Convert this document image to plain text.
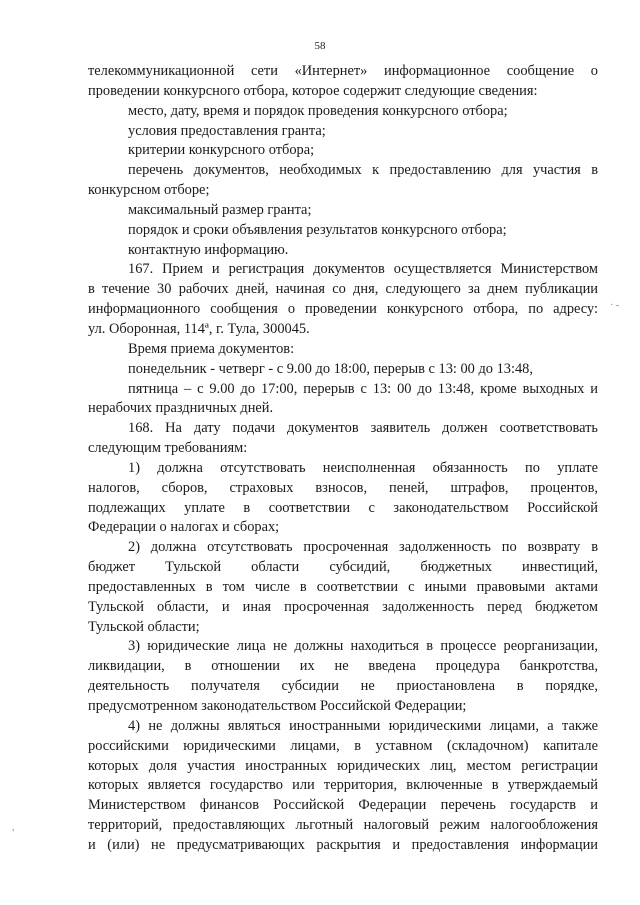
58
телекоммуникационной сети «Интернет» информационное сообщение о
проведении конкурсного отбора, которое содержит следующие сведения:
место, дату, время и порядок проведения конкурсного отбора;
условия предоставления гранта;
критерии конкурсного отбора;
перечень документов, необходимых к предоставлению для участия в
конкурсном отборе;
максимальный размер гранта;
порядок и сроки объявления результатов конкурсного отбора;
контактную информацию.
167. Прием и регистрация документов осуществляется Министерством
в течение 30 рабочих дней, начиная со дня, следующего за днем публикации
информационного сообщения о проведении конкурсного отбора, по адресу:
ул. Оборонная, 114ª, г. Тула, 300045.
Время приема документов:
понедельник - четверг - с 9.00 до 18:00, перерыв с 13: 00 до 13:48,
пятница – с 9.00 до 17:00, перерыв с 13: 00 до 13:48, кроме выходных и
нерабочих праздничных дней.
168. На дату подачи документов заявитель должен соответствовать
следующим требованиям:
1) должна отсутствовать неисполненная обязанность по уплате
налогов, сборов, страховых взносов, пеней, штрафов, процентов,
подлежащих уплате в соответствии с законодательством Российской
Федерации о налогах и сборах;
2) должна отсутствовать просроченная задолженность по возврату в
бюджет Тульской области субсидий, бюджетных инвестиций,
предоставленных в том числе в соответствии с иными правовыми актами
Тульской области, и иная просроченная задолженность перед бюджетом
Тульской области;
3) юридические лица не должны находиться в процессе реорганизации,
ликвидации, в отношении их не введена процедура банкротства,
деятельность получателя субсидии не приостановлена в порядке,
предусмотренном законодательством Российской Федерации;
4) не должны являться иностранными юридическими лицами, а также
российскими юридическими лицами, в уставном (складочном) капитале
которых доля участия иностранных юридических лиц, местом регистрации
которых является государство или территория, включенные в утверждаемый
Министерством финансов Российской Федерации перечень государств и
территорий, предоставляющих льготный налоговый режим налогообложения
и (или) не предусматривающих раскрытия и предоставления информации
· -
,
